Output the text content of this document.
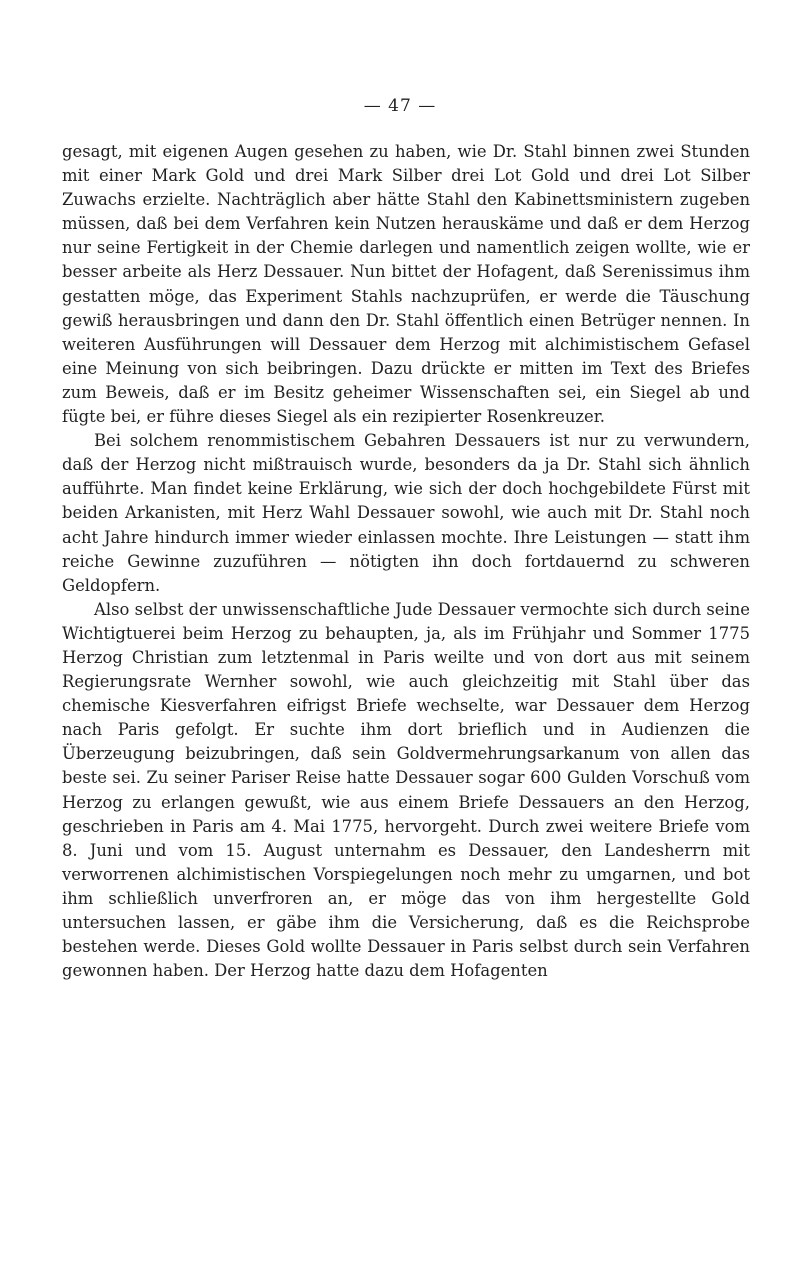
— 47 —

gesagt, mit eigenen Augen gesehen zu haben, wie Dr. Stahl binnen zwei Stunden mit einer Mark Gold und drei Mark Silber drei Lot Gold und drei Lot Silber Zuwachs erzielte. Nachträglich aber hätte Stahl den Kabinettsministern zugeben müssen, daß bei dem Verfahren kein Nutzen herauskäme und daß er dem Herzog nur seine Fertigkeit in der Chemie darlegen und namentlich zeigen wollte, wie er besser arbeite als Herz Dessauer. Nun bittet der Hofagent, daß Serenissimus ihm gestatten möge, das Experiment Stahls nachzuprüfen, er werde die Täuschung gewiß herausbringen und dann den Dr. Stahl öffentlich einen Betrüger nennen. In weiteren Ausführungen will Dessauer dem Herzog mit alchimistischem Gefasel eine Meinung von sich beibringen. Dazu drückte er mitten im Text des Briefes zum Beweis, daß er im Besitz geheimer Wissenschaften sei, ein Siegel ab und fügte bei, er führe dieses Siegel als ein rezipierter Rosenkreuzer.

Bei solchem renommistischem Gebahren Dessauers ist nur zu verwundern, daß der Herzog nicht mißtrauisch wurde, besonders da ja Dr. Stahl sich ähnlich aufführte. Man findet keine Erklärung, wie sich der doch hochgebildete Fürst mit beiden Arkanisten, mit Herz Wahl Dessauer sowohl, wie auch mit Dr. Stahl noch acht Jahre hindurch immer wieder einlassen mochte. Ihre Leistungen — statt ihm reiche Gewinne zuzuführen — nötigten ihn doch fortdauernd zu schweren Geldopfern.

Also selbst der unwissenschaftliche Jude Dessauer vermochte sich durch seine Wichtigtuerei beim Herzog zu behaupten, ja, als im Frühjahr und Sommer 1775 Herzog Christian zum letztenmal in Paris weilte und von dort aus mit seinem Regierungsrate Wernher sowohl, wie auch gleichzeitig mit Stahl über das chemische Kiesverfahren eifrigst Briefe wechselte, war Dessauer dem Herzog nach Paris gefolgt. Er suchte ihm dort brieflich und in Audienzen die Überzeugung beizubringen, daß sein Goldvermehrungsarkanum von allen das beste sei. Zu seiner Pariser Reise hatte Dessauer sogar 600 Gulden Vorschuß vom Herzog zu erlangen gewußt, wie aus einem Briefe Dessauers an den Herzog, geschrieben in Paris am 4. Mai 1775, hervorgeht. Durch zwei weitere Briefe vom 8. Juni und vom 15. August unternahm es Dessauer, den Landesherrn mit verworrenen alchimistischen Vorspiegelungen noch mehr zu umgarnen, und bot ihm schließlich unverfroren an, er möge das von ihm hergestellte Gold untersuchen lassen, er gäbe ihm die Versicherung, daß es die Reichsprobe bestehen werde. Dieses Gold wollte Dessauer in Paris selbst durch sein Verfahren gewonnen haben. Der Herzog hatte dazu dem Hofagenten
